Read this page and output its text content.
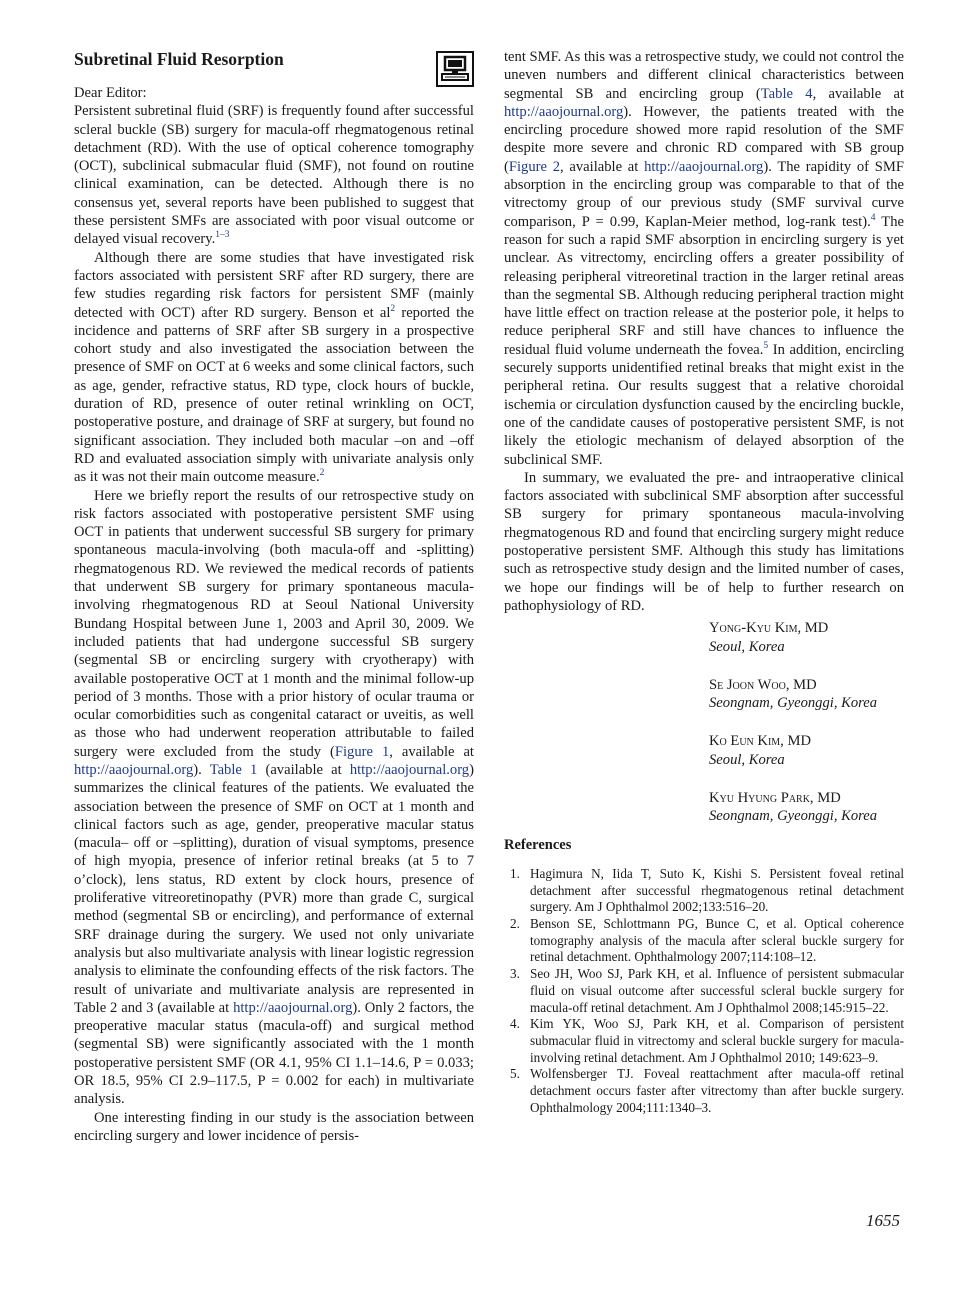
Subretinal Fluid Resorption
Dear Editor:

Persistent subretinal fluid (SRF) is frequently found after successful scleral buckle (SB) surgery for macula-off rhegmatogenous retinal detachment (RD). With the use of optical coherence tomography (OCT), subclinical submacular fluid (SMF), not found on routine clinical examination, can be detected. Although there is no consensus yet, several reports have been published to suggest that these persistent SMFs are associated with poor visual outcome or delayed visual recovery.$^{1-3}$

Although there are some studies that have investigated risk factors associated with persistent SRF after RD surgery, there are few studies regarding risk factors for persistent SMF (mainly detected with OCT) after RD surgery. Benson et $al^2$ reported the incidence and patterns of SRF after SB surgery in a prospective cohort study and also investigated the association between the presence of SMF on OCT at 6 weeks and some clinical factors, such as age, gender, refractive status, RD type, clock hours of buckle, duration of RD, presence of outer retinal wrinkling on OCT, postoperative posture, and drainage of SRF at surgery, but found no significant association. They included both macular –on and –off RD and evaluated association simply with univariate analysis only as it was not their main outcome measure.$^2$

Here we briefly report the results of our retrospective study on risk factors associated with postoperative persistent SMF using OCT in patients that underwent successful SB surgery for primary spontaneous macula-involving (both macula-off and -splitting) rhegmatogenous RD. We reviewed the medical records of patients that underwent SB surgery for primary spontaneous macula-involving rhegmatogenous RD at Seoul National University Bundang Hospital between June 1, 2003 and April 30, 2009. We included patients that had undergone successful SB surgery (segmental SB or encircling surgery with cryotherapy) with available postoperative OCT at 1 month and the minimal follow-up period of 3 months. Those with a prior history of ocular trauma or ocular comorbidities such as congenital cataract or uveitis, as well as those who had underwent reoperation attributable to failed surgery were excluded from the study (Figure 1, available at http://aaojournal.org). Table 1 (available at http://aaojournal.org) summarizes the clinical features of the patients. We evaluated the association between the presence of SMF on OCT at 1 month and clinical factors such as age, gender, preoperative macular status (macula– off or –splitting), duration of visual symptoms, presence of high myopia, presence of inferior retinal breaks (at 5 to 7 o’clock), lens status, RD extent by clock hours, presence of proliferative vitreoretinopathy (PVR) more than grade C, surgical method (segmental SB or encircling), and performance of external SRF drainage during the surgery. We used not only univariate analysis but also multivariate analysis with linear logistic regression analysis to eliminate the confounding effects of the risk factors. The result of univariate and multivariate analysis are represented in Table 2 and 3 (available at http://aaojournal.org). Only 2 factors, the preoperative macular status (macula-off) and surgical method (segmental SB) were significantly associated with the 1 month postoperative persistent SMF (OR 4.1, 95% CI 1.1–14.6, P = 0.033; OR 18.5, 95% CI 2.9–117.5, P = 0.002 for each) in multivariate analysis.

One interesting finding in our study is the association between encircling surgery and lower incidence of persis-

tent SMF. As this was a retrospective study, we could not control the uneven numbers and different clinical characteristics between segmental SB and encircling group (Table 4, available at http://aaojournal.org). However, the patients treated with the encircling procedure showed more rapid resolution of the SMF despite more severe and chronic RD compared with SB group (Figure 2, available at http://aaojournal.org). The rapidity of SMF absorption in the encircling group was comparable to that of the vitrectomy group of our previous study (SMF survival curve comparison, P = 0.99, Kaplan-Meier method, log-rank test).$^4$ The reason for such a rapid SMF absorption in encircling surgery is yet unclear. As vitrectomy, encircling offers a greater possibility of releasing peripheral vitreoretinal traction in the larger retinal areas than the segmental SB. Although reducing peripheral traction might have little effect on traction release at the posterior pole, it helps to reduce peripheral SRF and still have chances to influence the residual fluid volume underneath the fovea.$^5$ In addition, encircling securely supports unidentified retinal breaks that might exist in the peripheral retina. Our results suggest that a relative choroidal ischemia or circulation dysfunction caused by the encircling buckle, one of the candidate causes of postoperative persistent SMF, is not likely the etiologic mechanism of delayed absorption of the subclinical SMF.

In summary, we evaluated the pre- and intraoperative clinical factors associated with subclinical SMF absorption after successful SB surgery for primary spontaneous macula-involving rhegmatogenous RD and found that encircling surgery might reduce postoperative persistent SMF. Although this study has limitations such as retrospective study design and the limited number of cases, we hope our findings will be of help to further research on pathophysiology of RD.

Yong-Kyu Kim, MD
Seoul, Korea
Se Joon Woo, MD
Seongnam, Gyeonggi, Korea
Ko Eun Kim, MD
Seoul, Korea
Kyu Hyung Park, MD
Seongnam, Gyeonggi, Korea
References
1. Hagimura N, Iida T, Suto K, Kishi S. Persistent foveal retinal detachment after successful rhegmatogenous retinal detachment surgery. Am J Ophthalmol 2002;133:516–20.
2. Benson SE, Schlottmann PG, Bunce C, et al. Optical coherence tomography analysis of the macula after scleral buckle surgery for retinal detachment. Ophthalmology 2007;114:108–12.
3. Seo JH, Woo SJ, Park KH, et al. Influence of persistent submacular fluid on visual outcome after successful scleral buckle surgery for macula-off retinal detachment. Am J Ophthalmol 2008;145:915–22.
4. Kim YK, Woo SJ, Park KH, et al. Comparison of persistent submacular fluid in vitrectomy and scleral buckle surgery for macula-involving retinal detachment. Am J Ophthalmol 2010; 149:623–9.
5. Wolfensberger TJ. Foveal reattachment after macula-off retinal detachment occurs faster after vitrectomy than after buckle surgery. Ophthalmology 2004;111:1340–3.
1655
